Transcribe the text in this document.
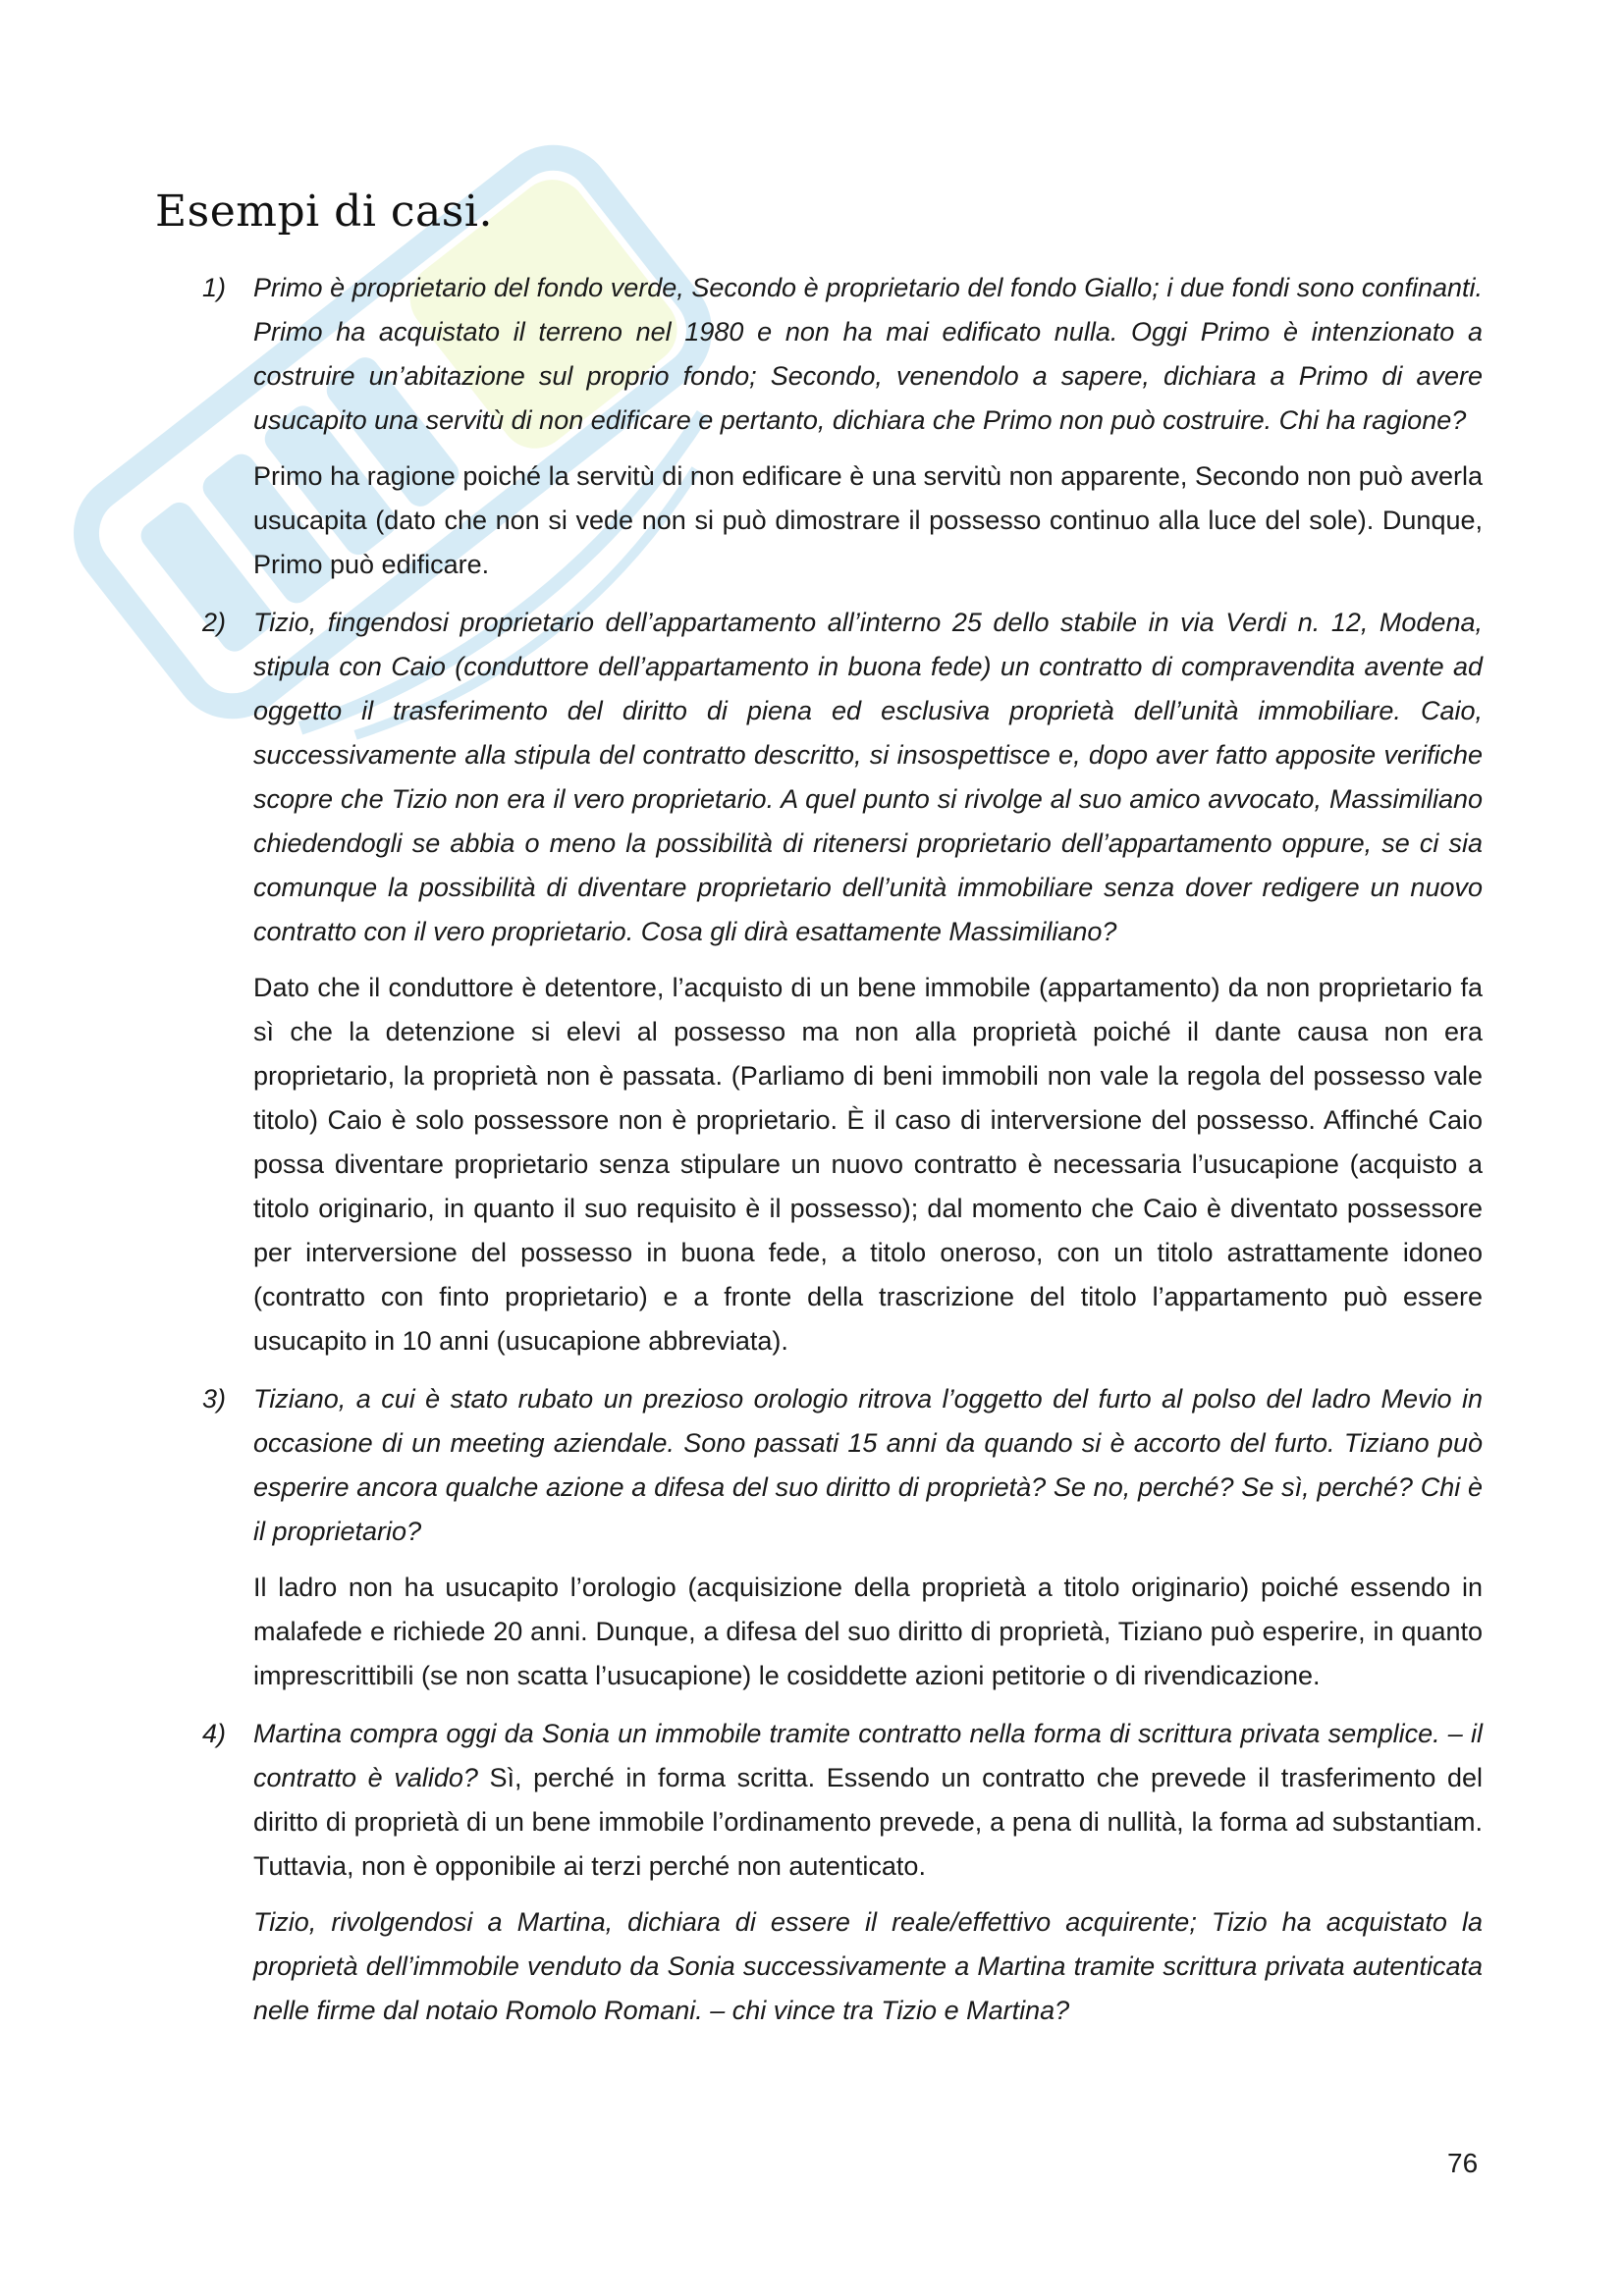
Esempi di casi.
1) Primo è proprietario del fondo verde, Secondo è proprietario del fondo Giallo; i due fondi sono confinanti. Primo ha acquistato il terreno nel 1980 e non ha mai edificato nulla. Oggi Primo è intenzionato a costruire un’abitazione sul proprio fondo; Secondo, venendolo a sapere, dichiara a Primo di avere usucapito una servitù di non edificare e pertanto, dichiara che Primo non può costruire. Chi ha ragione?

Primo ha ragione poiché la servitù di non edificare è una servitù non apparente, Secondo non può averla usucapita (dato che non si vede non si può dimostrare il possesso continuo alla luce del sole). Dunque, Primo può edificare.

2) Tizio, fingendosi proprietario dell’appartamento all’interno 25 dello stabile in via Verdi n. 12, Modena, stipula con Caio (conduttore dell’appartamento in buona fede) un contratto di compravendita avente ad oggetto il trasferimento del diritto di piena ed esclusiva proprietà dell’unità immobiliare. Caio, successivamente alla stipula del contratto descritto, si insospettisce e, dopo aver fatto apposite verifiche scopre che Tizio non era il vero proprietario. A quel punto si rivolge al suo amico avvocato, Massimiliano chiedendogli se abbia o meno la possibilità di ritenersi proprietario dell’appartamento oppure, se ci sia comunque la possibilità di diventare proprietario dell’unità immobiliare senza dover redigere un nuovo contratto con il vero proprietario. Cosa gli dirà esattamente Massimiliano?

Dato che il conduttore è detentore, l’acquisto di un bene immobile (appartamento) da non proprietario fa sì che la detenzione si elevi al possesso ma non alla proprietà poiché il dante causa non era proprietario, la proprietà non è passata. (Parliamo di beni immobili non vale la regola del possesso vale titolo) Caio è solo possessore non è proprietario. È il caso di interversione del possesso. Affinché Caio possa diventare proprietario senza stipulare un nuovo contratto è necessaria l’usucapione (acquisto a titolo originario, in quanto il suo requisito è il possesso); dal momento che Caio è diventato possessore per interversione del possesso in buona fede, a titolo oneroso, con un titolo astrattamente idoneo (contratto con finto proprietario) e a fronte della trascrizione del titolo l’appartamento può essere usucapito in 10 anni (usucapione abbreviata).

3) Tiziano, a cui è stato rubato un prezioso orologio ritrova l’oggetto del furto al polso del ladro Mevio in occasione di un meeting aziendale. Sono passati 15 anni da quando si è accorto del furto. Tiziano può esperire ancora qualche azione a difesa del suo diritto di proprietà? Se no, perché? Se sì, perché? Chi è il proprietario?

Il ladro non ha usucapito l’orologio (acquisizione della proprietà a titolo originario) poiché essendo in malafede e richiede 20 anni. Dunque, a difesa del suo diritto di proprietà, Tiziano può esperire, in quanto imprescrittibili (se non scatta l’usucapione) le cosiddette azioni petitorie o di rivendicazione.

4) Martina compra oggi da Sonia un immobile tramite contratto nella forma di scrittura privata semplice. – il contratto è valido? Sì, perché in forma scritta. Essendo un contratto che prevede il trasferimento del diritto di proprietà di un bene immobile l’ordinamento prevede, a pena di nullità, la forma ad substantiam. Tuttavia, non è opponibile ai terzi perché non autenticato.

Tizio, rivolgendosi a Martina, dichiara di essere il reale/effettivo acquirente; Tizio ha acquistato la proprietà dell’immobile venduto da Sonia successivamente a Martina tramite scrittura privata autenticata nelle firme dal notaio Romolo Romani. – chi vince tra Tizio e Martina?

76
